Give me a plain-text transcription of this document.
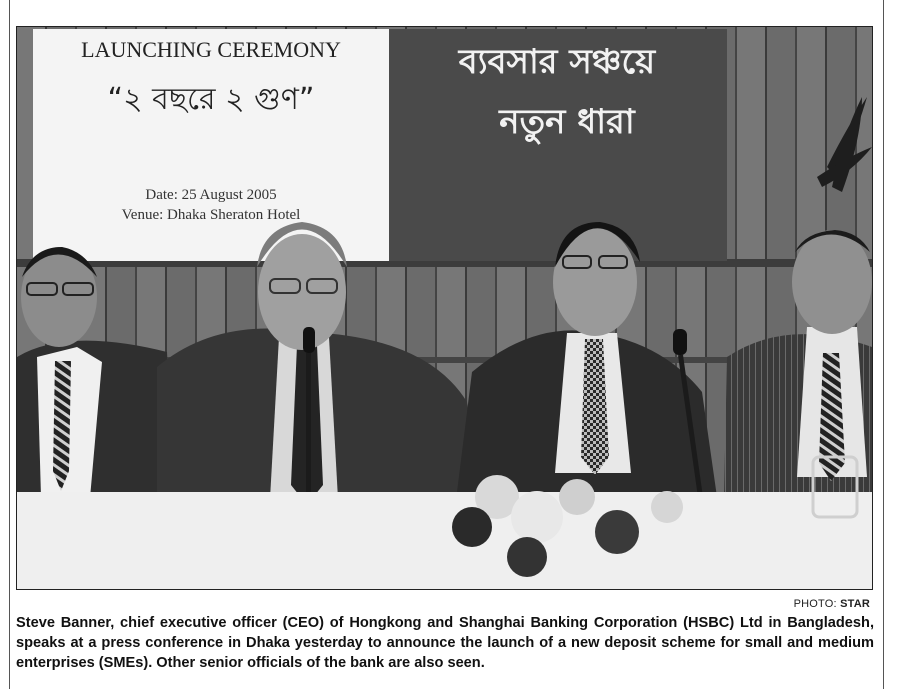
LAUNCHING CEREMONY
“২ বছরে ২ গুণ”
Date: 25 August 2005
Venue: Dhaka Sheraton Hotel
ব্যবসার সঞ্চয়ে
নতুন ধারা
PHOTO: STAR

Steve Banner, chief executive officer (CEO) of Hongkong and Shanghai Banking Corporation (HSBC) Ltd in Bangladesh, speaks at a press conference in Dhaka yesterday to announce the launch of a new deposit scheme for small and medium enterprises (SMEs). Other senior officials of the bank are also seen.
